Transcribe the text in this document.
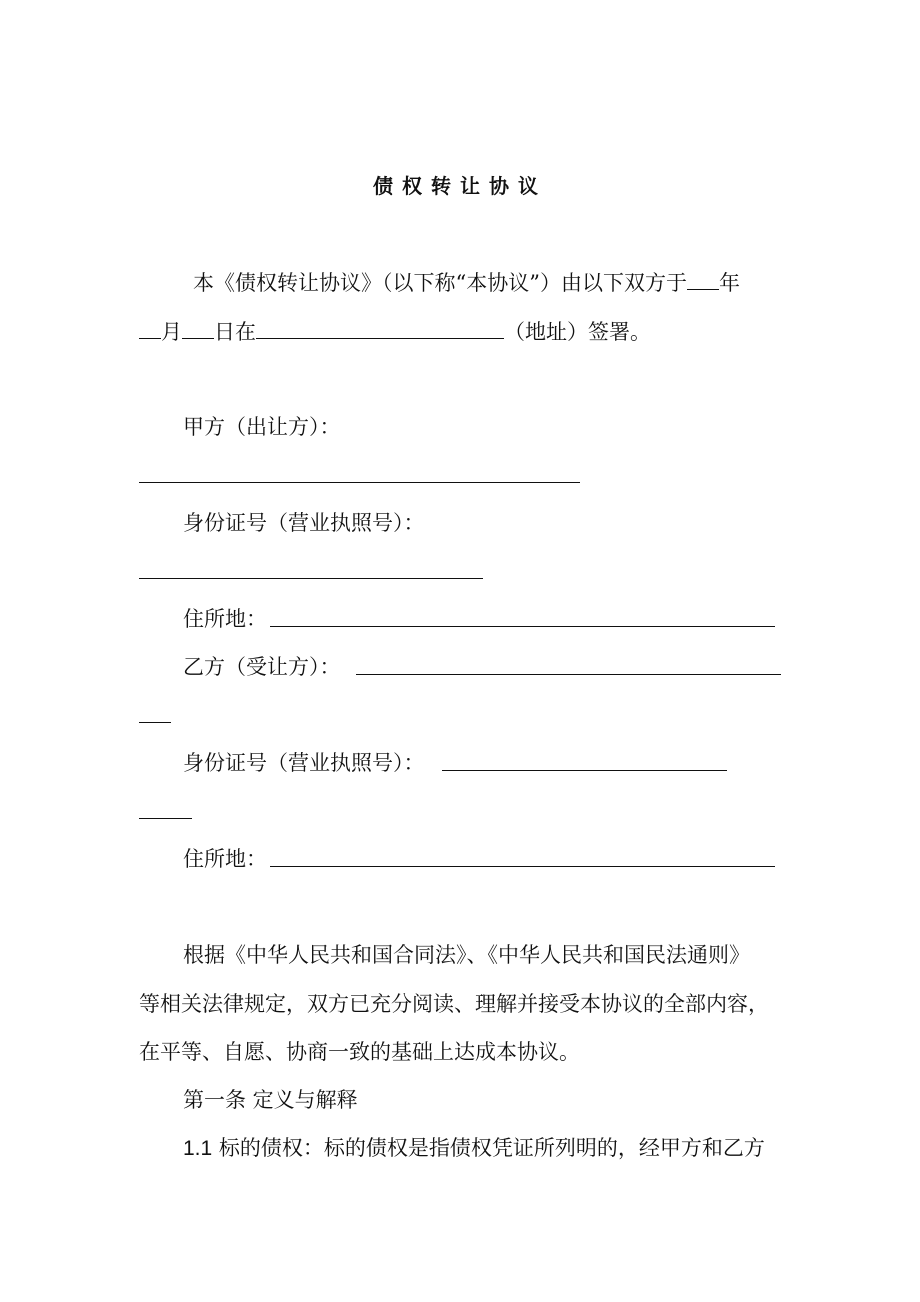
债权转让协议
本《债权转让协议》（以下称“本协议”）由以下双方于 年
月 日在	（地址）签署。
甲方（出让方）：
身份证号（营业执照号）：
住所地：
乙方（受让方）：
身份证号（营业执照号）：
住所地：
根据《中华人民共和国合同法》、《中华人民共和国民法通则》
等相关法律规定，双方已充分阅读、理解并接受本协议的全部内容，
在平等、自愿、协商一致的基础上达成本协议。
第一条 定义与解释
1.1 标的债权：标的债权是指债权凭证所列明的，经甲方和乙方
